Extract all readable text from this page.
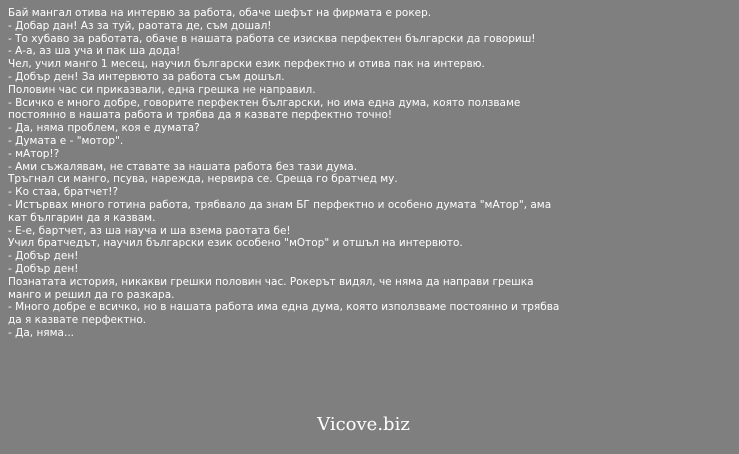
Бай мангал отива на интервю за работа, обаче шефът на фирмата е рокер.
- Добар дан! Аз за туй, раотата де, съм дошал!
- То хубаво за работата, обаче в нашата работа се изисква перфектен български да говориш!
- А-а, аз ша уча и пак ша дода!
Чел, учил манго 1 месец, научил български език перфектно и отива пак на интервю.
- Добър ден! За интервюто за работа съм дошъл.
Половин час си приказвали, една грешка не направил.
- Всичко е много добре, говорите перфектен български, но има една дума, която ползваме
постоянно в нашата работа и трябва да я казвате перфектно точно!
- Да, няма проблем, коя е думата?
- Думата е - "мотор".
- мАтор!?
- Ами съжалявам, не ставате за нашата работа без тази дума.
Тръгнал си манго, псува, нарежда, нервира се. Среща го братчед му.
- Ко стаа, братчет!?
- Истървах много готина работа, трябвало да знам БГ перфектно и особено думата "мАтор", ама
кат българин да я казвам.
- Е-е, бартчет, аз ша науча и ша взема раотата бе!
Учил братчедът, научил български език особено "мОтор" и отшъл на интервюто.
- Добър ден!
- Добър ден!
Познатата история, никакви грешки половин час. Рокерът видял, че няма да направи грешка
манго и решил да го разкара.
- Много добре е всичко, но в нашата работа има една дума, която използваме постоянно и трябва
да я казвате перфектно.
- Да, няма...
Vicove.biz
